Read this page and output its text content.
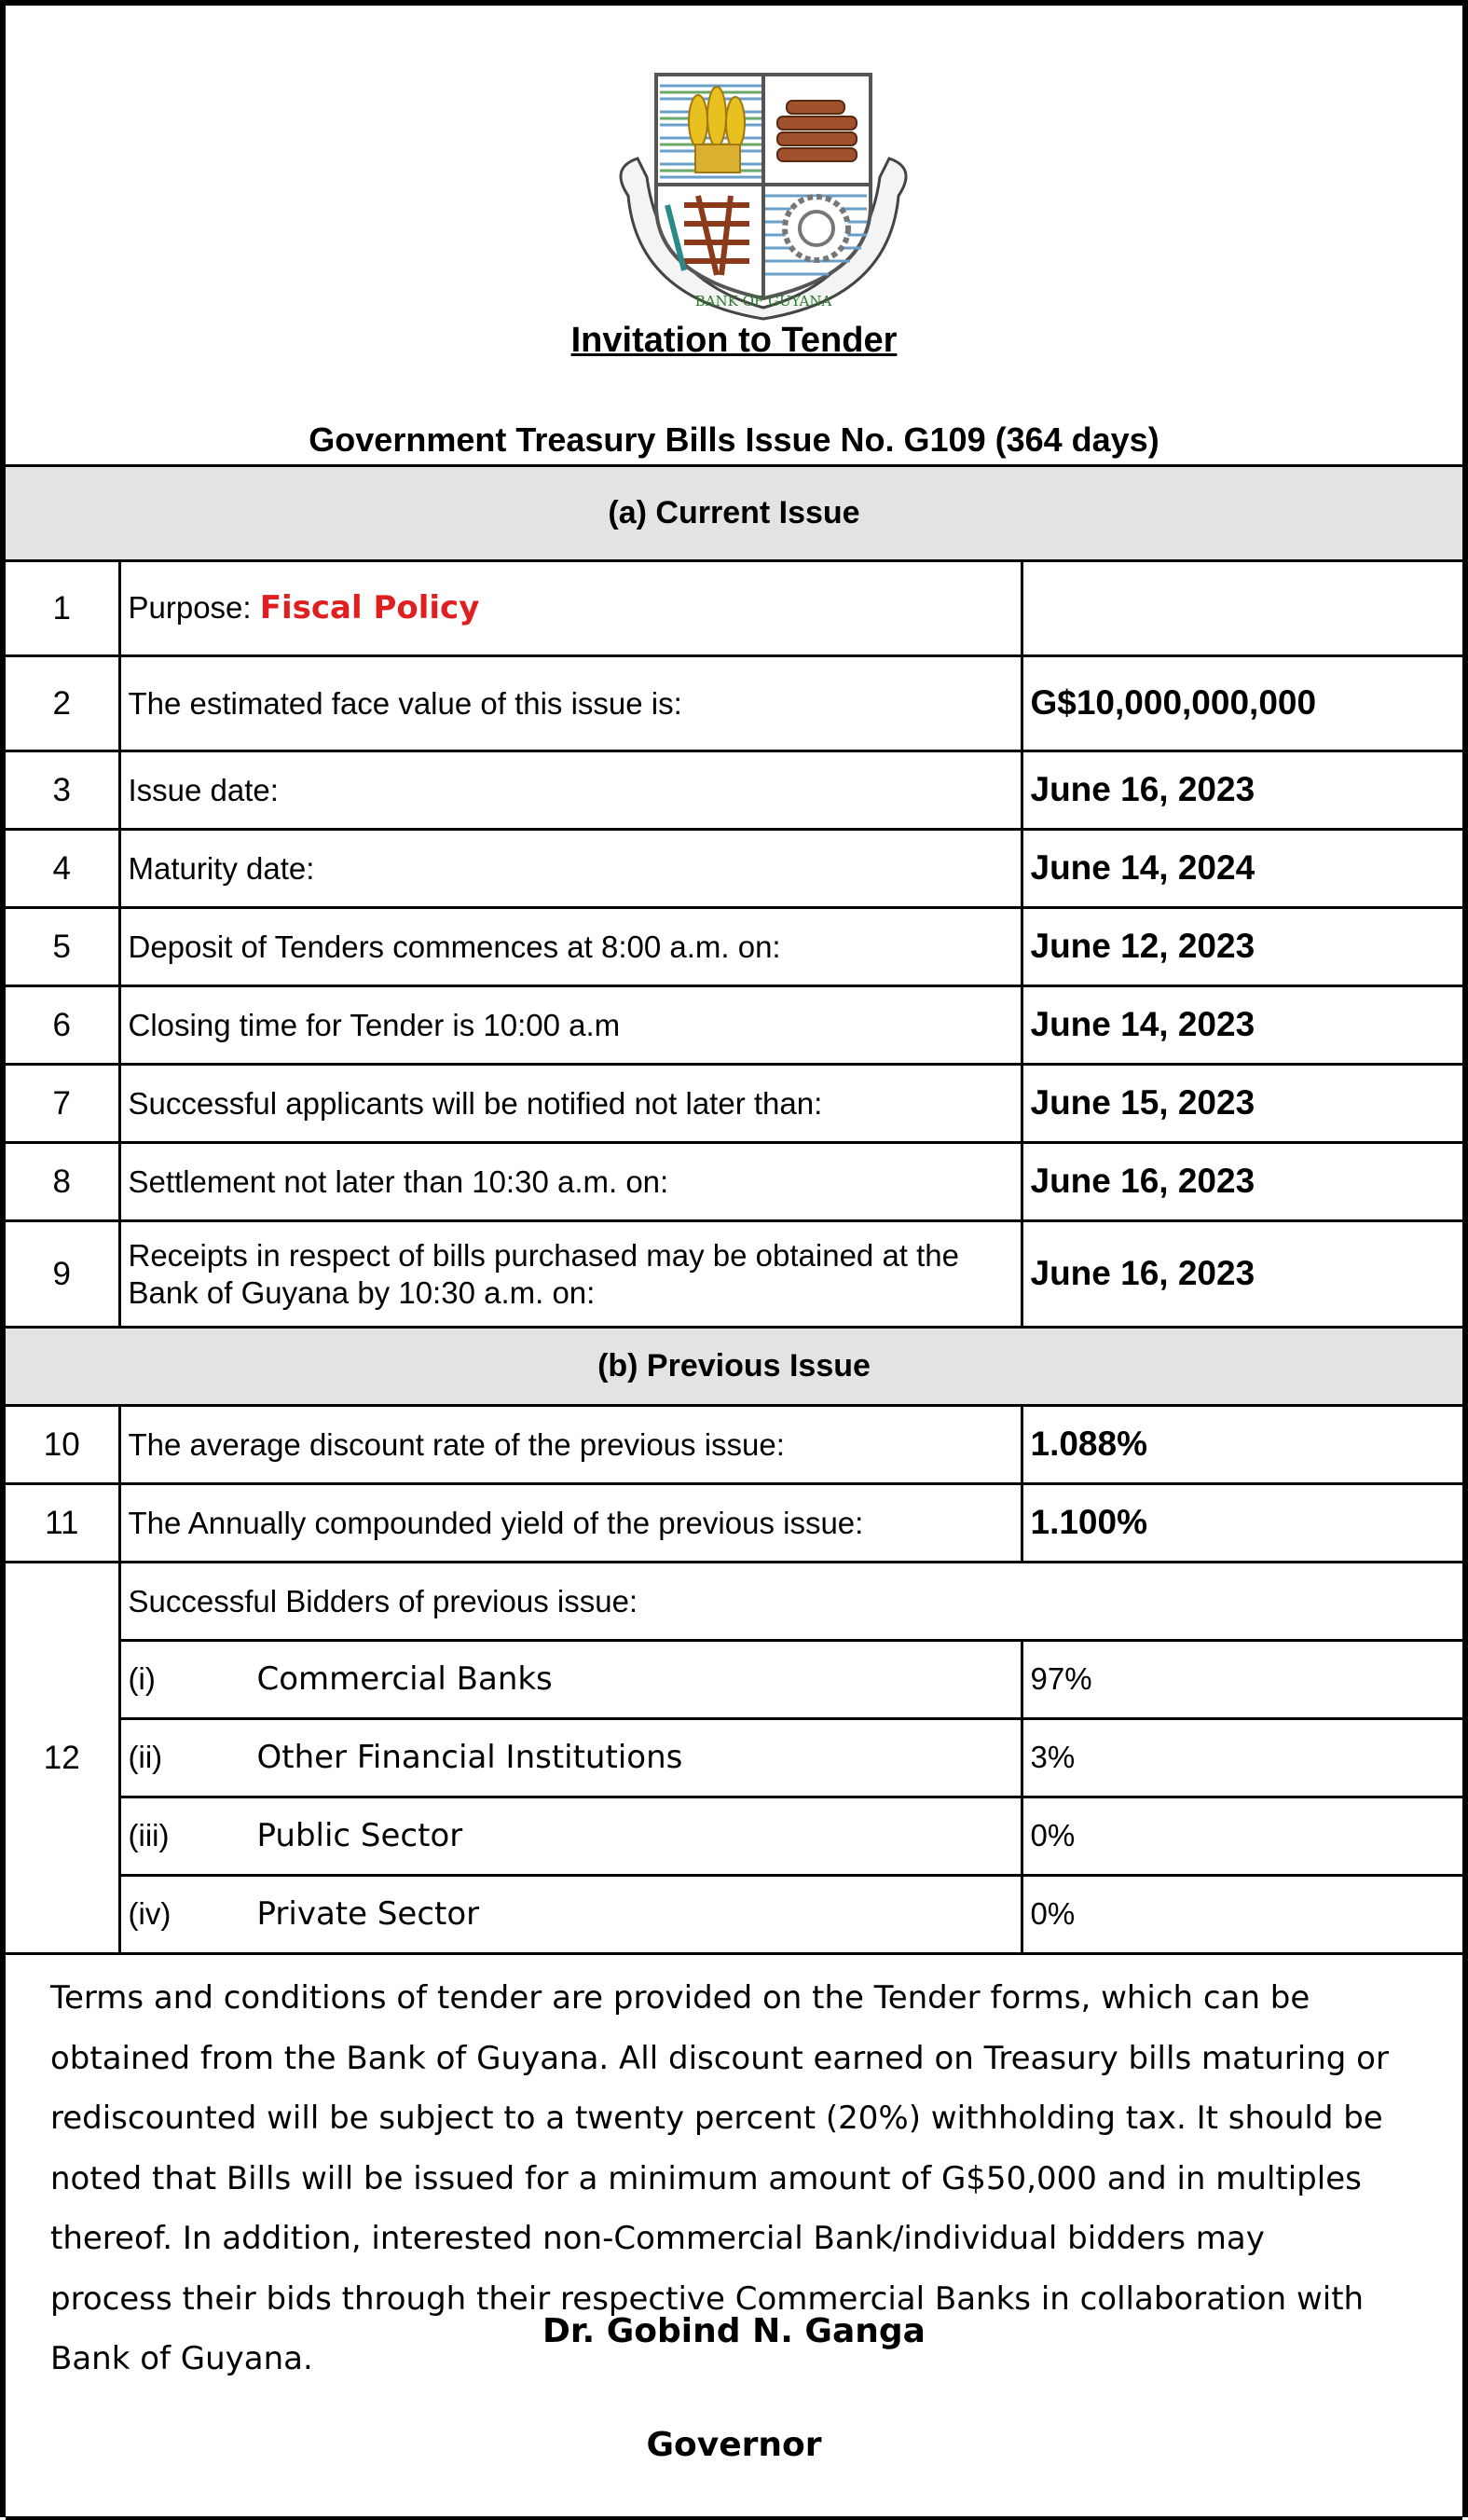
BANK OF GUYANA
Invitation to Tender
Government Treasury Bills Issue No. G109 (364 days)
(a) Current Issue		
1	Purpose: Fiscal Policy	
2	The estimated face value of this issue is:	G$10,000,000,000
3	Issue date:	June 16, 2023
4	Maturity date:	June 14, 2024
5	Deposit of Tenders commences at 8:00 a.m. on:	June 12, 2023
6	Closing time for Tender is 10:00 a.m	June 14, 2023
7	Successful applicants will be notified not later than:	June 15, 2023
8	Settlement not later than 10:30 a.m. on:	June 16, 2023
9	Receipts in respect of bills purchased may be obtained at the Bank of Guyana by 10:30 a.m. on:	June 16, 2023
(b) Previous Issue		
10	The average discount rate of the previous issue:	1.088%
11	The Annually compounded yield of the previous issue:	1.100%
12	Successful Bidders of previous issue:	
	(i) Commercial Banks	97%
	(ii) Other Financial Institutions	3%
	(iii) Public Sector	0%
	(iv) Private Sector	0%
Terms and conditions of tender are provided on the Tender forms, which can be obtained from the Bank of Guyana. All discount earned on Treasury bills maturing or rediscounted will be subject to a twenty percent (20%) withholding tax. It should be noted that Bills will be issued for a minimum amount of G$50,000 and in multiples thereof. In addition, interested non-Commercial Bank/individual bidders may process their bids through their respective Commercial Banks in collaboration with Bank of Guyana.
Dr. Gobind N. Ganga
Governor
